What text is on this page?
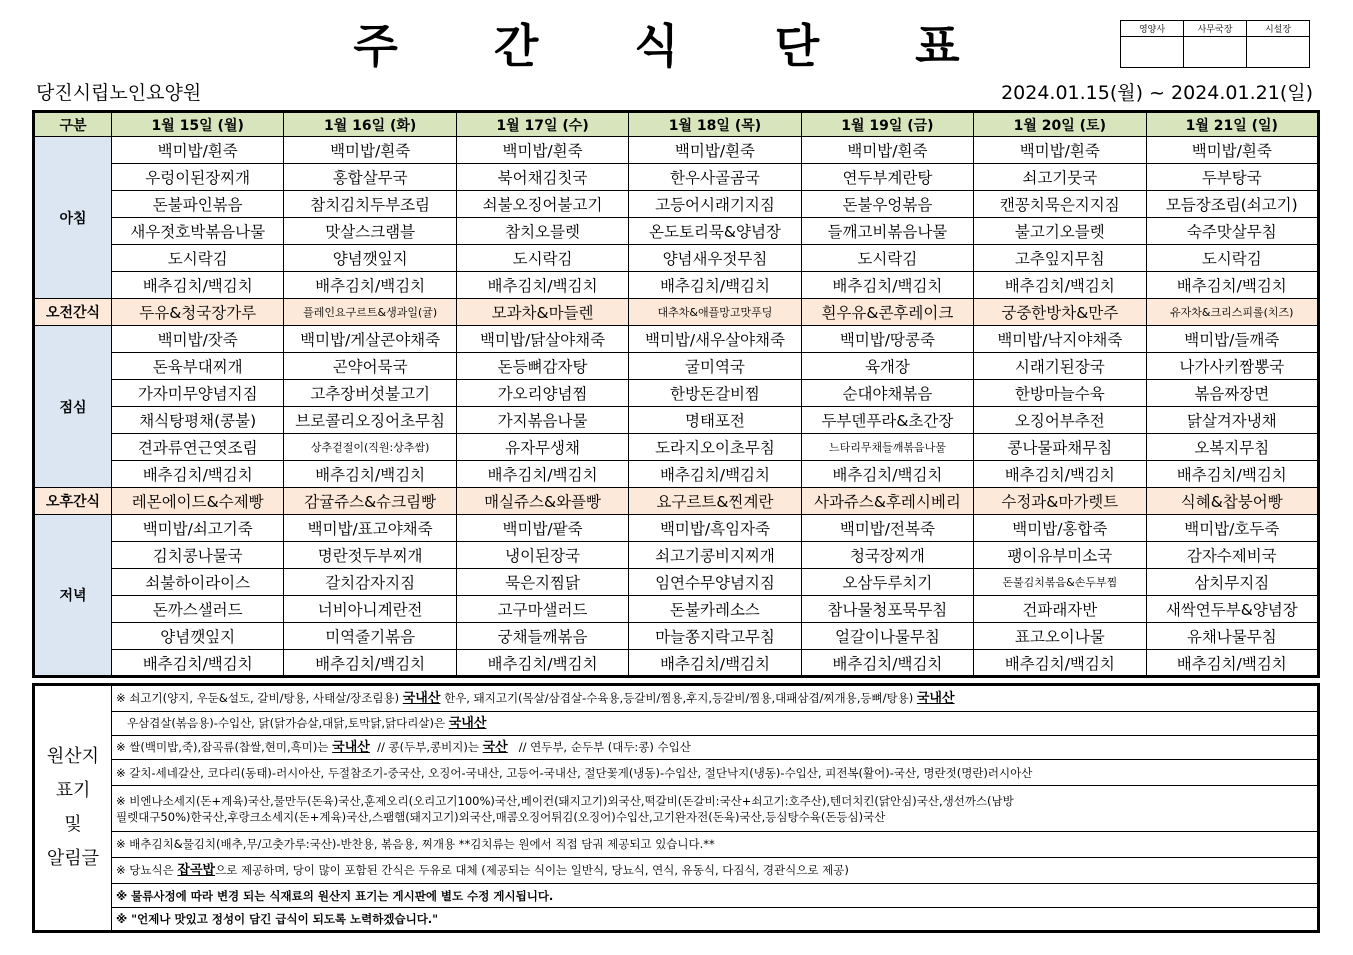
주 간 식 단 표	영양사	사무국장	시설장

당진시립노인요양원	2024.01.15(월) ~ 2024.01.21(일)
구분	1월 15일 (월)	1월 16일 (화)	1월 17일 (수)	1월 18일 (목)	1월 19일 (금)	1월 20일 (토)	1월 21일 (일)
아침	백미밥/흰죽	백미밥/흰죽	백미밥/흰죽	백미밥/흰죽	백미밥/흰죽	백미밥/흰죽	백미밥/흰죽
	우렁이된장찌개	홍합살무국	북어채김칫국	한우사골곰국	연두부계란탕	쇠고기뭇국	두부탕국
	돈불파인볶음	참치김치두부조림	쇠불오징어불고기	고등어시래기지짐	돈불우엉볶음	캔꽁치묵은지지짐	모듬장조림(쇠고기)
	새우젓호박볶음나물	맛살스크램블	참치오믈렛	온도토리묵&양념장	들깨고비볶음나물	불고기오믈렛	숙주맛살무침
	도시락김	양념깻잎지	도시락김	양념새우젓무침	도시락김	고추잎지무침	도시락김
	배추김치/백김치	배추김치/백김치	배추김치/백김치	배추김치/백김치	배추김치/백김치	배추김치/백김치	배추김치/백김치
오전간식	두유&청국장가루	플레인요구르트&생과일(귤)	모과차&마들렌	대추차&애플망고맛푸딩	흰우유&콘후레이크	궁중한방차&만주	유자차&크리스피롤(치즈)
점심	백미밥/잣죽	백미밥/게살콘야채죽	백미밥/닭살야채죽	백미밥/새우살야채죽	백미밥/땅콩죽	백미밥/낙지야채죽	백미밥/들깨죽
	돈육부대찌개	곤약어묵국	돈등뼈감자탕	굴미역국	육개장	시래기된장국	나가사키짬뽕국
	가자미무양념지짐	고추장버섯불고기	가오리양념찜	한방돈갈비찜	순대야채볶음	한방마늘수육	볶음짜장면
	채식탕평채(콩불)	브로콜리오징어초무침	가지볶음나물	명태포전	두부덴푸라&초간장	오징어부추전	닭살겨자냉채
	견과류연근엿조림	상추겉절이(직원:상추쌈)	유자무생채	도라지오이초무침	느타리무채들깨볶음나물	콩나물파채무침	오복지무침
	배추김치/백김치	배추김치/백김치	배추김치/백김치	배추김치/백김치	배추김치/백김치	배추김치/백김치	배추김치/백김치
오후간식	레몬에이드&수제빵	감귤쥬스&슈크림빵	매실쥬스&와플빵	요구르트&찐계란	사과쥬스&후레시베리	수정과&마가렛트	식혜&찹붕어빵
저녁	백미밥/쇠고기죽	백미밥/표고야채죽	백미밥/팥죽	백미밥/흑임자죽	백미밥/전복죽	백미밥/홍합죽	백미밥/호두죽
	김치콩나물국	명란젓두부찌개	냉이된장국	쇠고기콩비지찌개	청국장찌개	팽이유부미소국	감자수제비국
	쇠불하이라이스	갈치감자지짐	묵은지찜닭	임연수무양념지짐	오삼두루치기	돈불김치볶음&손두부찜	삼치무지짐
	돈까스샐러드	너비아니계란전	고구마샐러드	돈불카레소스	참나물청포묵무침	건파래자반	새싹연두부&양념장
	양념깻잎지	미역줄기볶음	궁채들깨볶음	마늘쫑지락고무침	얼갈이나물무침	표고오이나물	유채나물무침
	배추김치/백김치	배추김치/백김치	배추김치/백김치	배추김치/백김치	배추김치/백김치	배추김치/백김치	배추김치/백김치
원산지
표기
및
알림글	※ 쇠고기(양지, 우둔&설도, 갈비/탕용, 사태살/장조림용) 국내산 한우, 돼지고기(목살/삼겹살-수육용,등갈비/찜용,후지,등갈비/찜용,대패삼겹/찌개용,등뼈/탕용) 국내산
우삼겹살(볶음용)-수입산, 닭(닭가슴살,대닭,토막닭,닭다리살)은 국내산
※ 쌀(백미밥,죽),잡곡류(찹쌀,현미,흑미)는 국내산 // 콩(두부,콩비지)는 국산 // 연두부, 순두부 (대두:콩) 수입산
※ 갈치-세네갈산, 코다리(동태)-러시아산, 두절참조기-중국산, 오징어-국내산, 고등어-국내산, 절단꽃게(냉동)-수입산, 절단낙지(냉동)-수입산, 피전복(활어)-국산, 명란젓(명란)러시아산
※ 비엔나소세지(돈+계육)국산,물만두(돈육)국산,훈제오리(오리고기100%)국산,베이컨(돼지고기)외국산,떡갈비(돈갈비:국산+쇠고기:호주산),텐더치킨(닭안심)국산,생선까스(남방
필렛대구50%)한국산,후랑크소세지(돈+계육)국산,스팸햄(돼지고기)외국산,매콤오징어튀김(오징어)수입산,고기완자전(돈육)국산,등심탕수육(돈등심)국산
※ 배추김치&물김치(배추,무/고춧가루:국산)-반찬용, 볶음용, 찌개용 **김치류는 원에서 직접 담궈 제공되고 있습니다.**
※ 당뇨식은 잡곡밥으로 제공하며, 당이 많이 포함된 간식은 두유로 대체 (제공되는 식이는 일반식, 당뇨식, 연식, 유동식, 다짐식, 경관식으로 제공)
※ 물류사정에 따라 변경 되는 식재료의 원산지 표기는 게시판에 별도 수정 게시됩니다.
※ "언제나 맛있고 정성이 담긴 급식이 되도록 노력하겠습니다."
